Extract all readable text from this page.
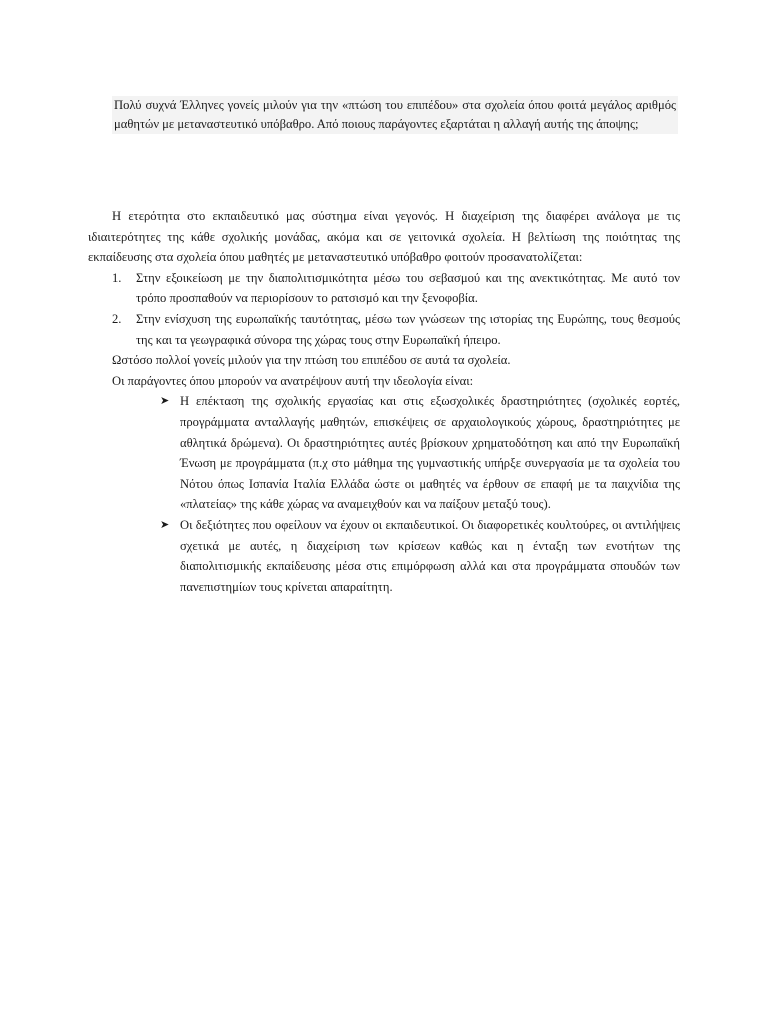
Πολύ συχνά Έλληνες γονείς μιλούν για την «πτώση του επιπέδου» στα σχολεία όπου φοιτά μεγάλος αριθμός μαθητών με μεταναστευτικό υπόβαθρο. Από ποιους παράγοντες εξαρτάται η αλλαγή αυτής της άποψης;

Η ετερότητα στο εκπαιδευτικό μας σύστημα είναι γεγονός. Η διαχείριση της διαφέρει ανάλογα με τις ιδιαιτερότητες της κάθε σχολικής μονάδας, ακόμα και σε γειτονικά σχολεία. Η βελτίωση της ποιότητας της εκπαίδευσης στα σχολεία όπου μαθητές με μεταναστευτικό υπόβαθρο φοιτούν προσανατολίζεται:

1. Στην εξοικείωση με την διαπολιτισμικότητα μέσω του σεβασμού και της ανεκτικότητας. Με αυτό τον τρόπο προσπαθούν να περιορίσουν το ρατσισμό και την ξενοφοβία.
2. Στην ενίσχυση της ευρωπαϊκής ταυτότητας, μέσω των γνώσεων της ιστορίας της Ευρώπης, τους θεσμούς της και τα γεωγραφικά σύνορα της χώρας τους στην Ευρωπαϊκή ήπειρο.

Ωστόσο πολλοί γονείς μιλούν για την πτώση του επιπέδου σε αυτά τα σχολεία.

Οι παράγοντες όπου μπορούν να ανατρέψουν αυτή την ιδεολογία είναι:

➤ Η επέκταση της σχολικής εργασίας και στις εξωσχολικές δραστηριότητες (σχολικές εορτές, προγράμματα ανταλλαγής μαθητών, επισκέψεις σε αρχαιολογικούς χώρους, δραστηριότητες με αθλητικά δρώμενα). Οι δραστηριότητες αυτές βρίσκουν χρηματοδότηση και από την Ευρωπαϊκή Ένωση με προγράμματα (π.χ στο μάθημα της γυμναστικής υπήρξε συνεργασία με τα σχολεία του Νότου όπως Ισπανία Ιταλία Ελλάδα ώστε οι μαθητές να έρθουν σε επαφή με τα παιχνίδια της «πλατείας» της κάθε χώρας να αναμειχθούν και να παίξουν μεταξύ τους).
➤ Οι δεξιότητες που οφείλουν να έχουν οι εκπαιδευτικοί. Οι διαφορετικές κουλτούρες, οι αντιλήψεις σχετικά με αυτές, η διαχείριση των κρίσεων καθώς και η ένταξη των ενοτήτων της διαπολιτισμικής εκπαίδευσης μέσα στις επιμόρφωση αλλά και στα προγράμματα σπουδών των πανεπιστημίων τους κρίνεται απαραίτητη.
